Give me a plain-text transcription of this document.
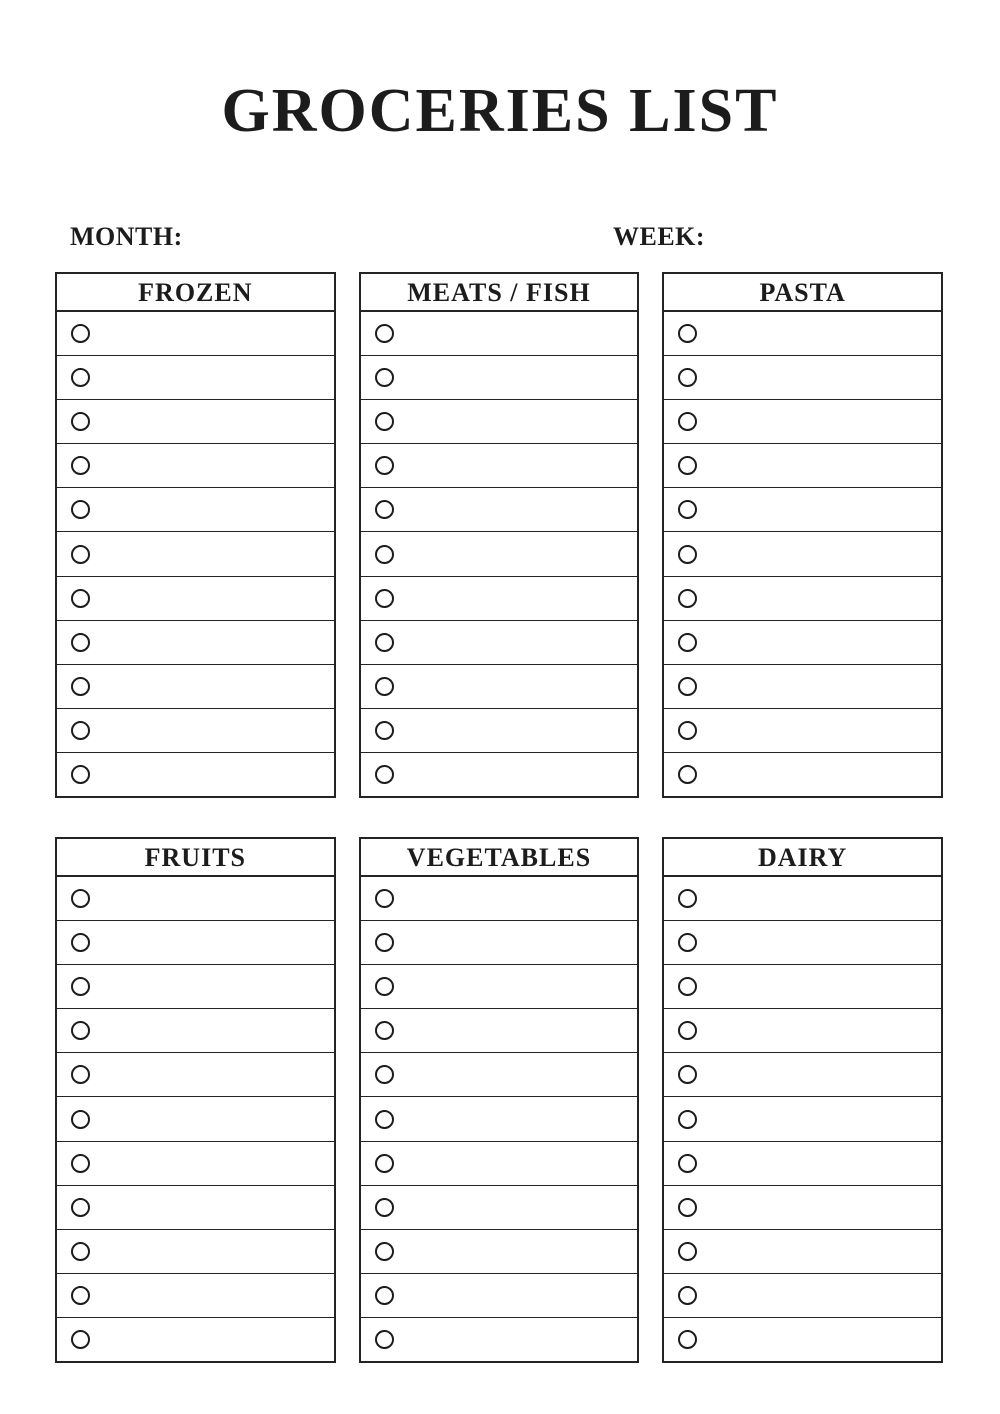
GROCERIES LIST
MONTH:	WEEK:
FROZEN	MEATS / FISH	PASTA
FRUITS	VEGETABLES	DAIRY
